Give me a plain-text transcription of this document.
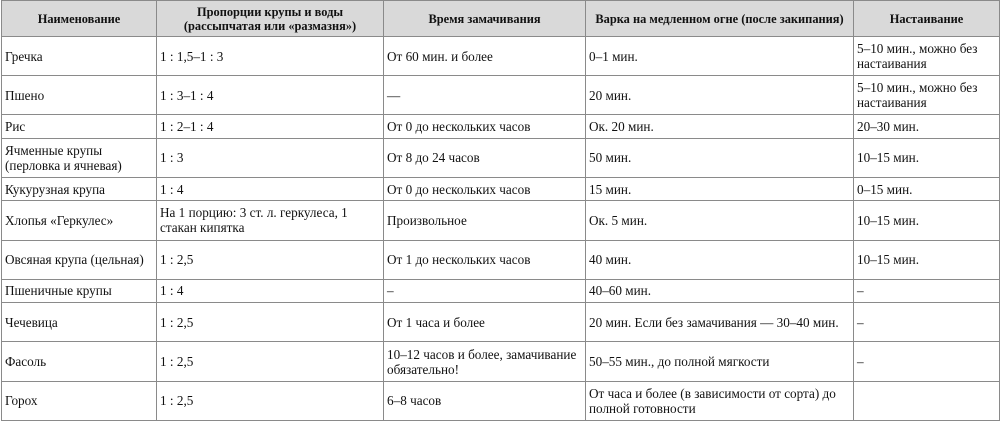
Наименование	Пропорции крупы и воды (рассыпчатая или «размазня»)	Время замачивания	Варка на медленном огне (после закипания)	Настаивание
Гречка	1 : 1,5–1 : 3	От 60 мин. и более	0–1 мин.	5–10 мин., можно без настаивания
Пшено	1 : 3–1 : 4	—	20 мин.	5–10 мин., можно без настаивания
Рис	1 : 2–1 : 4	От 0 до нескольких часов	Ок. 20 мин.	20–30 мин.
Ячменные крупы (перловка и ячневая)	1 : 3	От 8 до 24 часов	50 мин.	10–15 мин.
Кукурузная крупа	1 : 4	От 0 до нескольких часов	15 мин.	0–15 мин.
Хлопья «Геркулес»	На 1 порцию: 3 ст. л. геркулеса, 1 стакан кипятка	Произвольное	Ок. 5 мин.	10–15 мин.
Овсяная крупа (цельная)	1 : 2,5	От 1 до нескольких часов	40 мин.	10–15 мин.
Пшеничные крупы	1 : 4	–	40–60 мин.	–
Чечевица	1 : 2,5	От 1 часа и более	20 мин. Если без замачивания — 30–40 мин.	–
Фасоль	1 : 2,5	10–12 часов и более, замачивание обязательно!	50–55 мин., до полной мягкости	–
Горох	1 : 2,5	6–8 часов	От часа и более (в зависимости от сорта) до полной готовности	
